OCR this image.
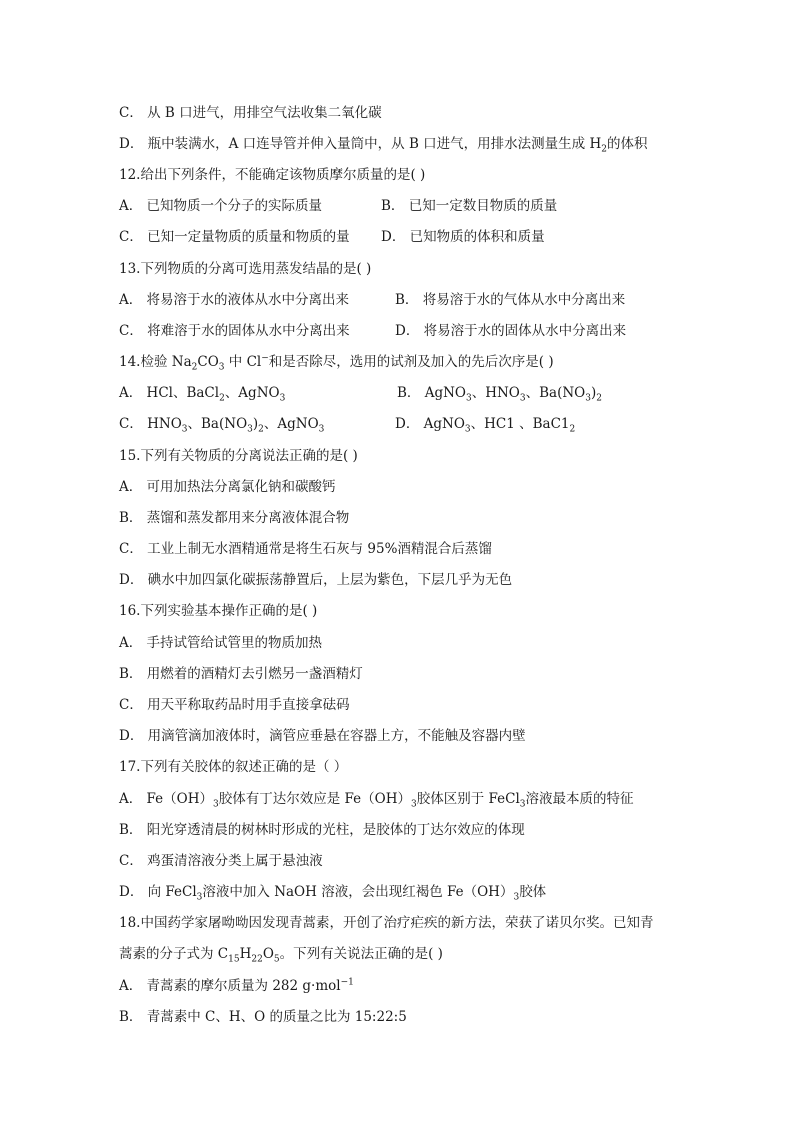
C． 从 B 口进气，用排空气法收集二氧化碳
D． 瓶中装满水，A 口连导管并伸入量筒中，从 B 口进气，用排水法测量生成 $H_2$的体积
12.给出下列条件，不能确定该物质摩尔质量的是( )
A． 已知物质一个分子的实际质量	B． 已知一定数目物质的质量
C． 已知一定量物质的质量和物质的量 D． 已知物质的体积和质量
13.下列物质的分离可选用蒸发结晶的是( )
A． 将易溶于水的液体从水中分离出来	B． 将易溶于水的气体从水中分离出来
C． 将难溶于水的固体从水中分离出来	D． 将易溶于水的固体从水中分离出来
14.检验 $Na_2CO_3$ 中 Cl−和是否除尽，选用的试剂及加入的先后次序是( )
A． HCl、BaCl$_2$、AgNO$_3$	B． AgNO$_3$、$HNO_3$、$Ba(NO_3)_2$
C． $HNO_3$、$Ba(NO_3)_2$、AgNO$_3$	D． AgNO$_3$、HC1 、$BaC1_2$
15.下列有关物质的分离说法正确的是( )
A． 可用加热法分离氯化钠和碳酸钙
B． 蒸馏和蒸发都用来分离液体混合物
C． 工业上制无水酒精通常是将生石灰与 95%酒精混合后蒸馏
D． 碘水中加四氯化碳振荡静置后，上层为紫色，下层几乎为无色
16.下列实验基本操作正确的是( )
A． 手持试管给试管里的物质加热
B． 用燃着的酒精灯去引燃另一盏酒精灯
C． 用天平称取药品时用手直接拿砝码
D． 用滴管滴加液体时，滴管应垂悬在容器上方，不能触及容器内壁
17.下列有关胶体的叙述正确的是（ ）
A． $Fe(OH)_3$胶体有丁达尔效应是 $Fe(OH)_3$胶体区别于 FeCl$_3$溶液最本质的特征
B． 阳光穿透清晨的树林时形成的光柱，是胶体的丁达尔效应的体现
C． 鸡蛋清溶液分类上属于悬浊液
D． 向 FeCl$_3$溶液中加入 NaOH 溶液，会出现红褐色 $Fe(OH)_3$胶体
18.中国药学家屠呦呦因发现青蒿素，开创了治疗疟疾的新方法，荣获了诺贝尔奖。已知青
蒿素的分子式为 $C_{15}H_{22}O_5$。下列有关说法正确的是( )
A． 青蒿素的摩尔质量为 282 g·mol$^{-1}$
B． 青蒿素中 C、H、O 的质量之比为 15:22:5
